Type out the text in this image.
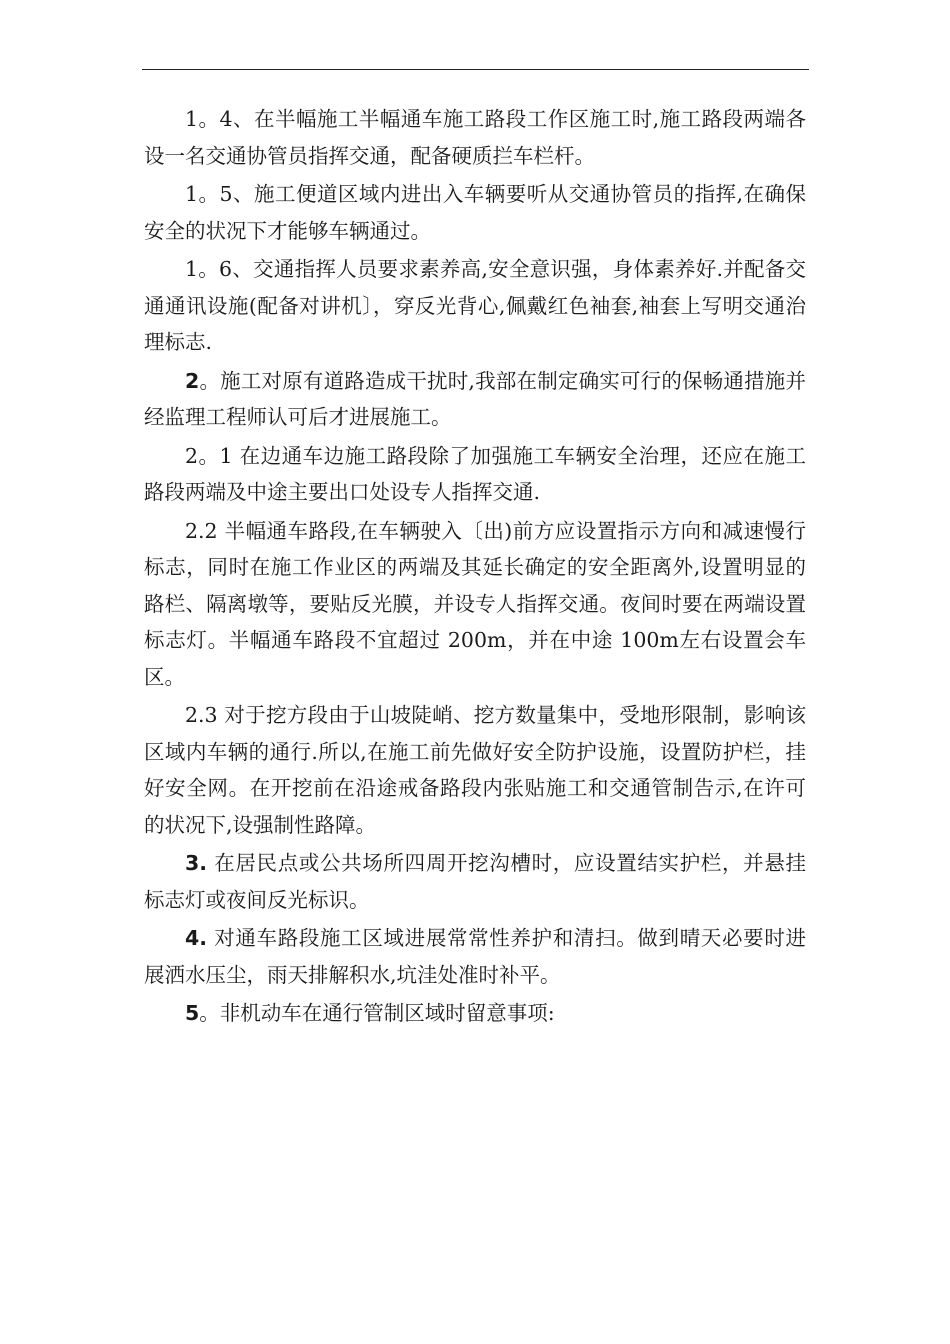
1。4、在半幅施工半幅通车施工路段工作区施工时,施工路段两端各设一名交通协管员指挥交通，配备硬质拦车栏杆。

1。5、施工便道区域内进出入车辆要听从交通协管员的指挥,在确保安全的状况下才能够车辆通过。

1。6、交通指挥人员要求素养高,安全意识强，身体素养好.并配备交通通讯设施(配备对讲机〕，穿反光背心,佩戴红色袖套,袖套上写明交通治理标志.

2。施工对原有道路造成干扰时,我部在制定确实可行的保畅通措施并经监理工程师认可后才进展施工。

2。1 在边通车边施工路段除了加强施工车辆安全治理，还应在施工路段两端及中途主要出口处设专人指挥交通.

2.2 半幅通车路段,在车辆驶入〔出)前方应设置指示方向和减速慢行标志，同时在施工作业区的两端及其延长确定的安全距离外,设置明显的路栏、隔离墩等，要贴反光膜，并设专人指挥交通。夜间时要在两端设置标志灯。半幅通车路段不宜超过 200m，并在中途 100m左右设置会车区。

2.3 对于挖方段由于山坡陡峭、挖方数量集中，受地形限制，影响该区域内车辆的通行.所以,在施工前先做好安全防护设施，设置防护栏，挂好安全网。在开挖前在沿途戒备路段内张贴施工和交通管制告示,在许可的状况下,设强制性路障。

3. 在居民点或公共场所四周开挖沟槽时，应设置结实护栏，并悬挂标志灯或夜间反光标识。

4. 对通车路段施工区域进展常常性养护和清扫。做到晴天必要时进展洒水压尘，雨天排解积水,坑洼处准时补平。

5。非机动车在通行管制区域时留意事项:
